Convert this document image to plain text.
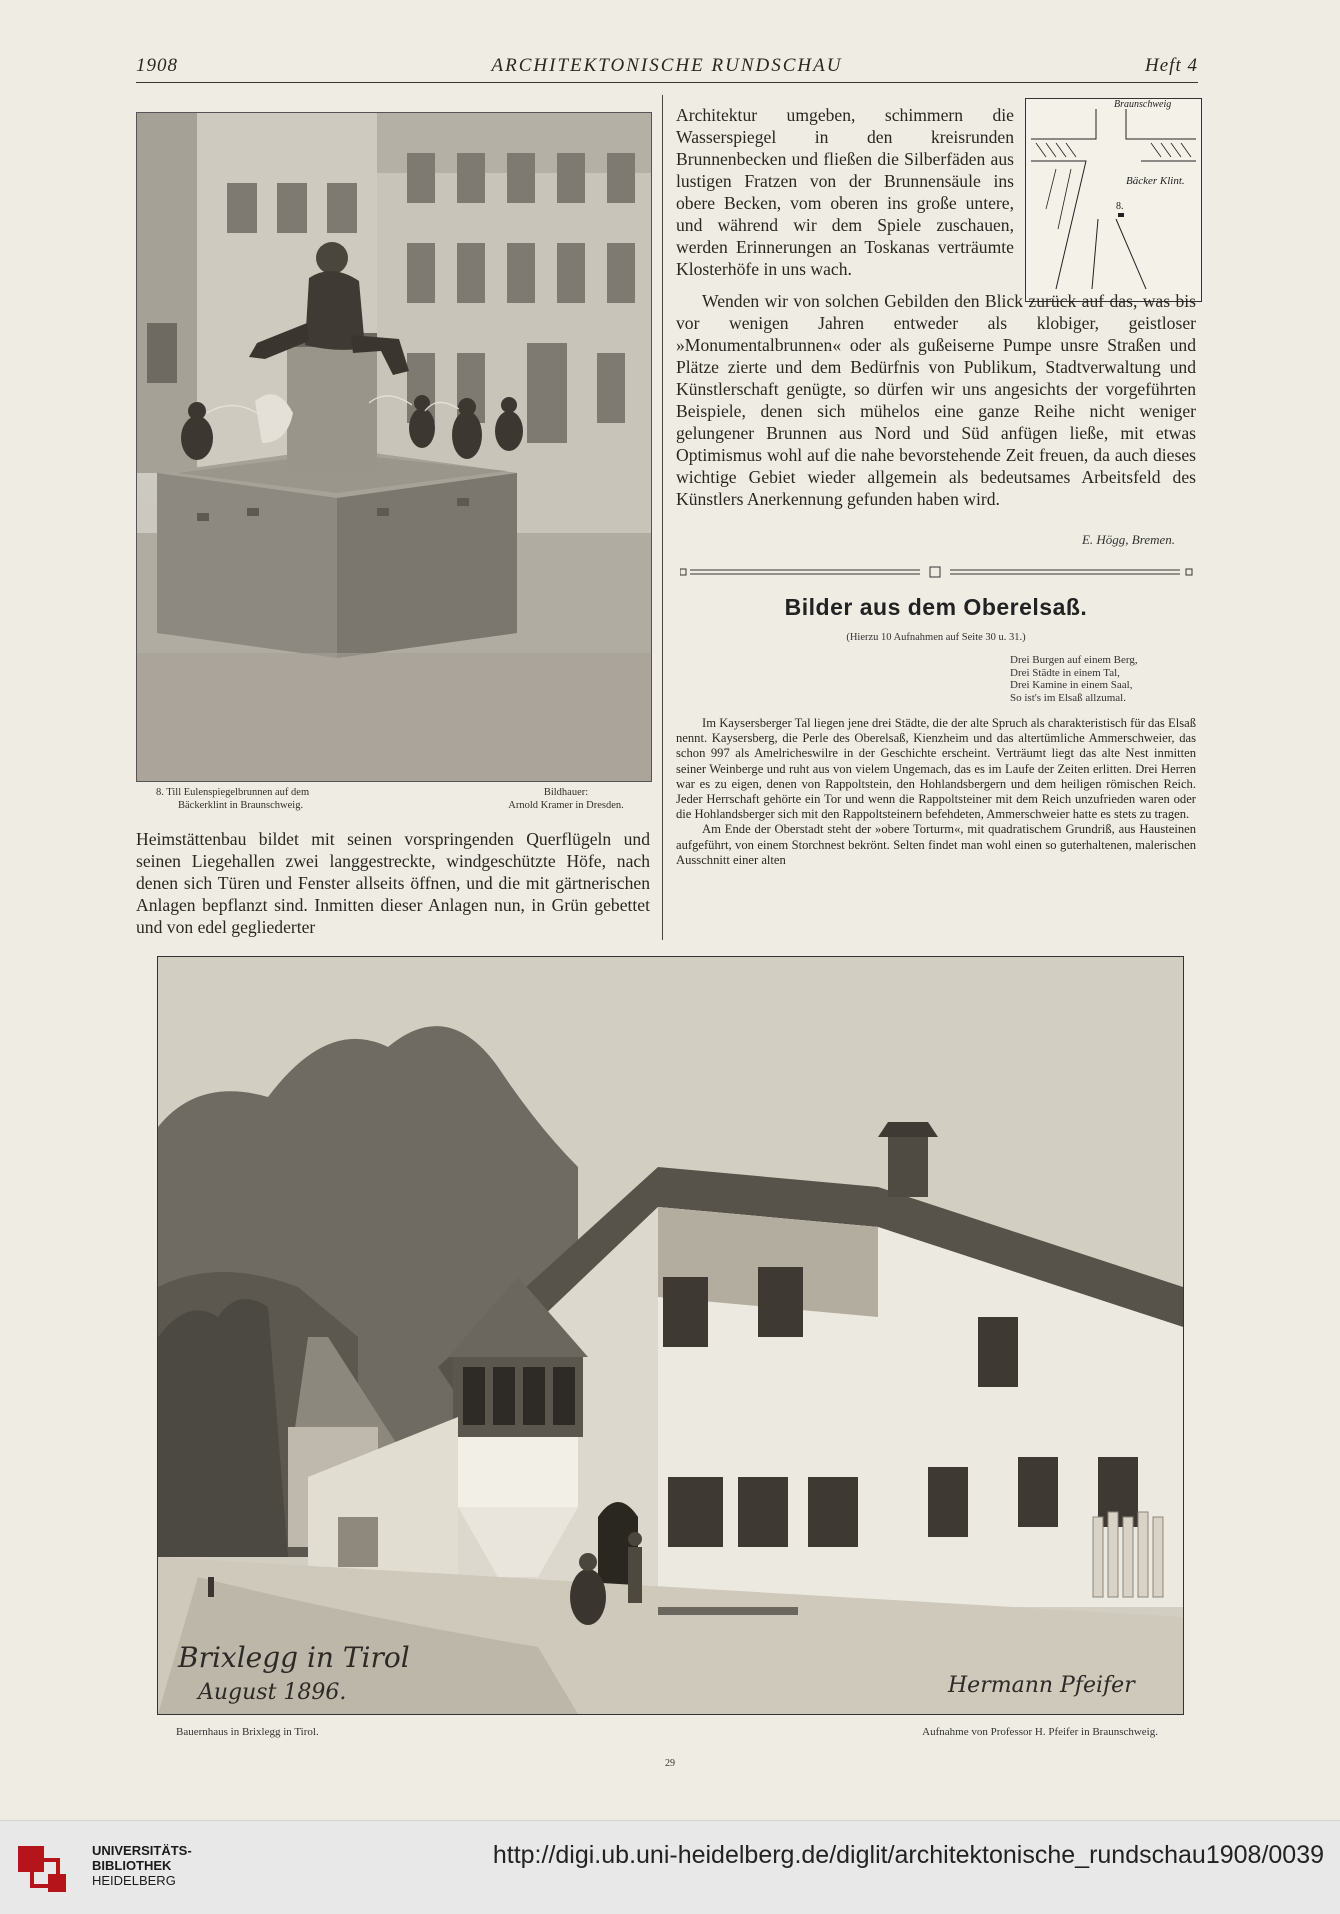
1908	ARCHITEKTONISCHE RUNDSCHAU	Heft 4
8. Till Eulenspiegelbrunnen auf dem
Bäckerklint in Braunschweig.
Bildhauer:
Arnold Kramer in Dresden.

Heimstättenbau bildet mit seinen vorspringenden Querflügeln und seinen Liegehallen zwei langgestreckte, windgeschützte Höfe, nach denen sich Türen und Fenster allseits öffnen, und die mit gärtnerischen Anlagen bepflanzt sind. Inmitten dieser Anlagen nun, in Grün gebettet und von edel gegliederter

Braunschweig
Bäcker Klint.
8.

Architektur umgeben, schimmern die Wasserspiegel in den kreisrunden Brunnenbecken und fließen die Silberfäden aus lustigen Fratzen von der Brunnensäule ins obere Becken, vom oberen ins große untere, und während wir dem Spiele zuschauen, werden Erinnerungen an Toskanas verträumte Klosterhöfe in uns wach.

Wenden wir von solchen Gebilden den Blick zurück auf das, was bis vor wenigen Jahren entweder als klobiger, geistloser »Monumentalbrunnen« oder als gußeiserne Pumpe unsre Straßen und Plätze zierte und dem Bedürfnis von Publikum, Stadtverwaltung und Künstlerschaft genügte, so dürfen wir uns angesichts der vorgeführten Beispiele, denen sich mühelos eine ganze Reihe nicht weniger gelungener Brunnen aus Nord und Süd anfügen ließe, mit etwas Optimismus wohl auf die nahe bevorstehende Zeit freuen, da auch dieses wichtige Gebiet wieder allgemein als bedeutsames Arbeitsfeld des Künstlers Anerkennung gefunden haben wird.

E. Högg, Bremen.
Bilder aus dem Oberelsaß.
(Hierzu 10 Aufnahmen auf Seite 30 u. 31.)
Drei Burgen auf einem Berg,
Drei Städte in einem Tal,
Drei Kamine in einem Saal,
So ist's im Elsaß allzumal.

Im Kaysersberger Tal liegen jene drei Städte, die der alte Spruch als charakteristisch für das Elsaß nennt. Kaysersberg, die Perle des Oberelsaß, Kienzheim und das altertümliche Ammerschweier, das schon 997 als Amelricheswilre in der Geschichte erscheint. Verträumt liegt das alte Nest inmitten seiner Weinberge und ruht aus von vielem Ungemach, das es im Laufe der Zeiten erlitten. Drei Herren war es zu eigen, denen von Rappoltstein, den Hohlandsbergern und dem heiligen römischen Reich. Jeder Herrschaft gehörte ein Tor und wenn die Rappoltsteiner mit dem Reich unzufrieden waren oder die Hohlandsberger sich mit den Rappoltsteinern befehdeten, Ammerschweier hatte es stets zu tragen.

Am Ende der Oberstadt steht der »obere Torturm«, mit quadratischem Grundriß, aus Hausteinen aufgeführt, von einem Storchnest bekrönt. Selten findet man wohl einen so guterhaltenen, malerischen Ausschnitt einer alten

Brixlegg in Tirol
August 1896.	Hermann Pfeifer
Bauernhaus in Brixlegg in Tirol.	Aufnahme von Professor H. Pfeifer in Braunschweig.
29
UNIVERSITÄTS-
BIBLIOTHEK
HEIDELBERG
http://digi.ub.uni-heidelberg.de/diglit/architektonische_rundschau1908/0039
